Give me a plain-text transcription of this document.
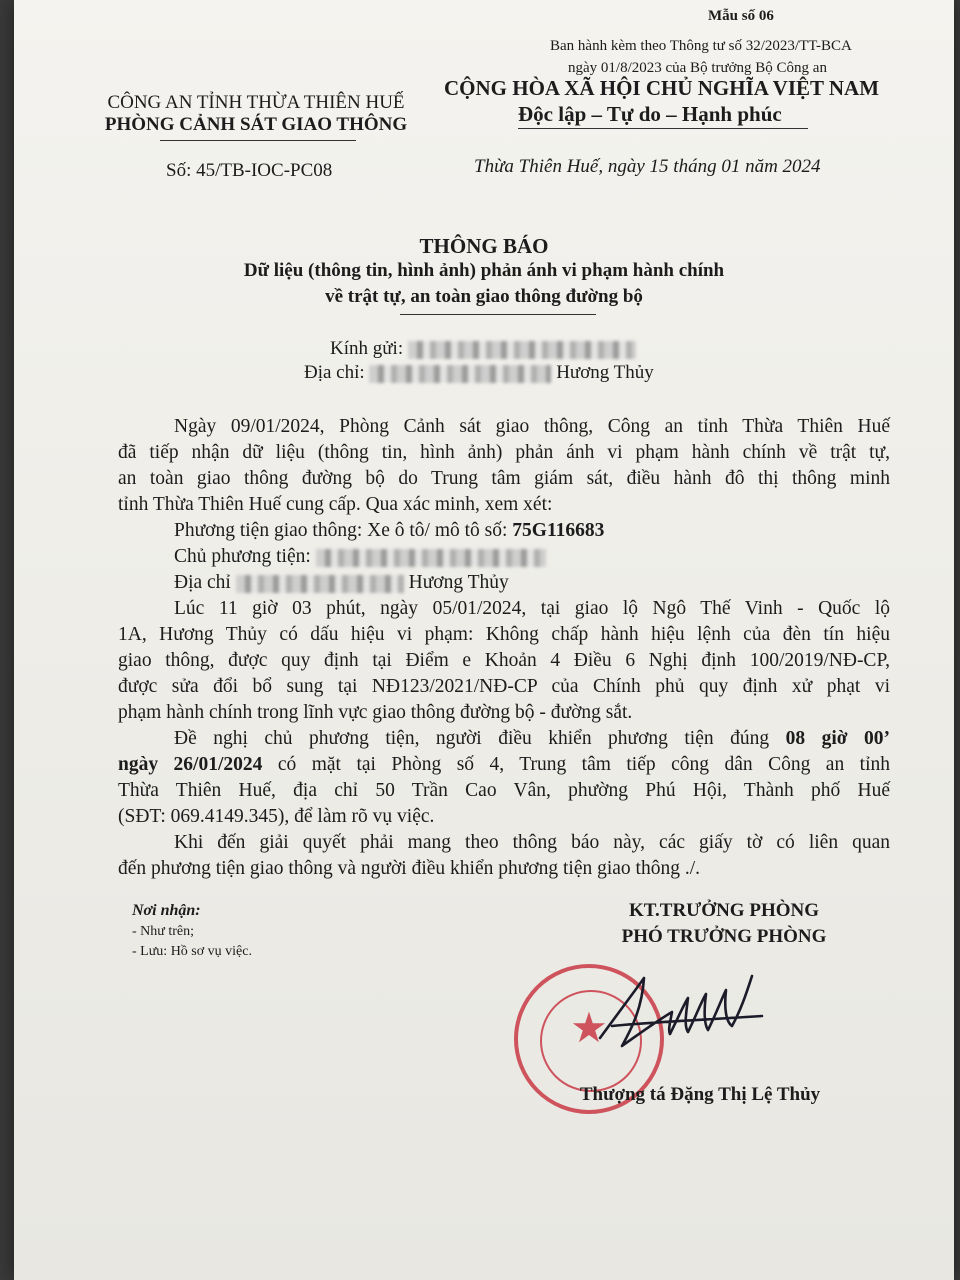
Mẫu số 06
Ban hành kèm theo Thông tư số 32/2023/TT-BCA
ngày 01/8/2023 của Bộ trưởng Bộ Công an
CÔNG AN TỈNH THỪA THIÊN HUẾ
PHÒNG CẢNH SÁT GIAO THÔNG
Số: 45/TB-IOC-PC08
CỘNG HÒA XÃ HỘI CHỦ NGHĨA VIỆT NAM
Độc lập – Tự do – Hạnh phúc
Thừa Thiên Huế, ngày 15 tháng 01 năm 2024
THÔNG BÁO
Dữ liệu (thông tin, hình ảnh) phản ánh vi phạm hành chính
về trật tự, an toàn giao thông đường bộ
Kính gửi:
Địa chỉ:	Hương Thủy
Ngày 09/01/2024, Phòng Cảnh sát giao thông, Công an tỉnh Thừa Thiên Huế
đã tiếp nhận dữ liệu (thông tin, hình ảnh) phản ánh vi phạm hành chính về trật tự,
an toàn giao thông đường bộ do Trung tâm giám sát, điều hành đô thị thông minh
tỉnh Thừa Thiên Huế cung cấp. Qua xác minh, xem xét:
Phương tiện giao thông: Xe ô tô/ mô tô số: 75G116683
Chủ phương tiện:
Địa chỉ	Hương Thủy
Lúc 11 giờ 03 phút, ngày 05/01/2024, tại giao lộ Ngô Thế Vinh - Quốc lộ
1A, Hương Thủy có dấu hiệu vi phạm: Không chấp hành hiệu lệnh của đèn tín hiệu
giao thông, được quy định tại Điểm e Khoản 4 Điều 6 Nghị định 100/2019/NĐ-CP,
được sửa đổi bổ sung tại NĐ123/2021/NĐ-CP của Chính phủ quy định xử phạt vi
phạm hành chính trong lĩnh vực giao thông đường bộ - đường sắt.
Đề nghị chủ phương tiện, người điều khiển phương tiện đúng 08 giờ 00’
ngày 26/01/2024 có mặt tại Phòng số 4, Trung tâm tiếp công dân Công an tỉnh
Thừa Thiên Huế, địa chỉ 50 Trần Cao Vân, phường Phú Hội, Thành phố Huế
(SĐT: 069.4149.345), để làm rõ vụ việc.
Khi đến giải quyết phải mang theo thông báo này, các giấy tờ có liên quan
đến phương tiện giao thông và người điều khiển phương tiện giao thông ./.
Nơi nhận:
- Như trên;
- Lưu: Hồ sơ vụ việc.
KT.TRƯỞNG PHÒNG
PHÓ TRƯỞNG PHÒNG
★
Thượng tá Đặng Thị Lệ Thủy
